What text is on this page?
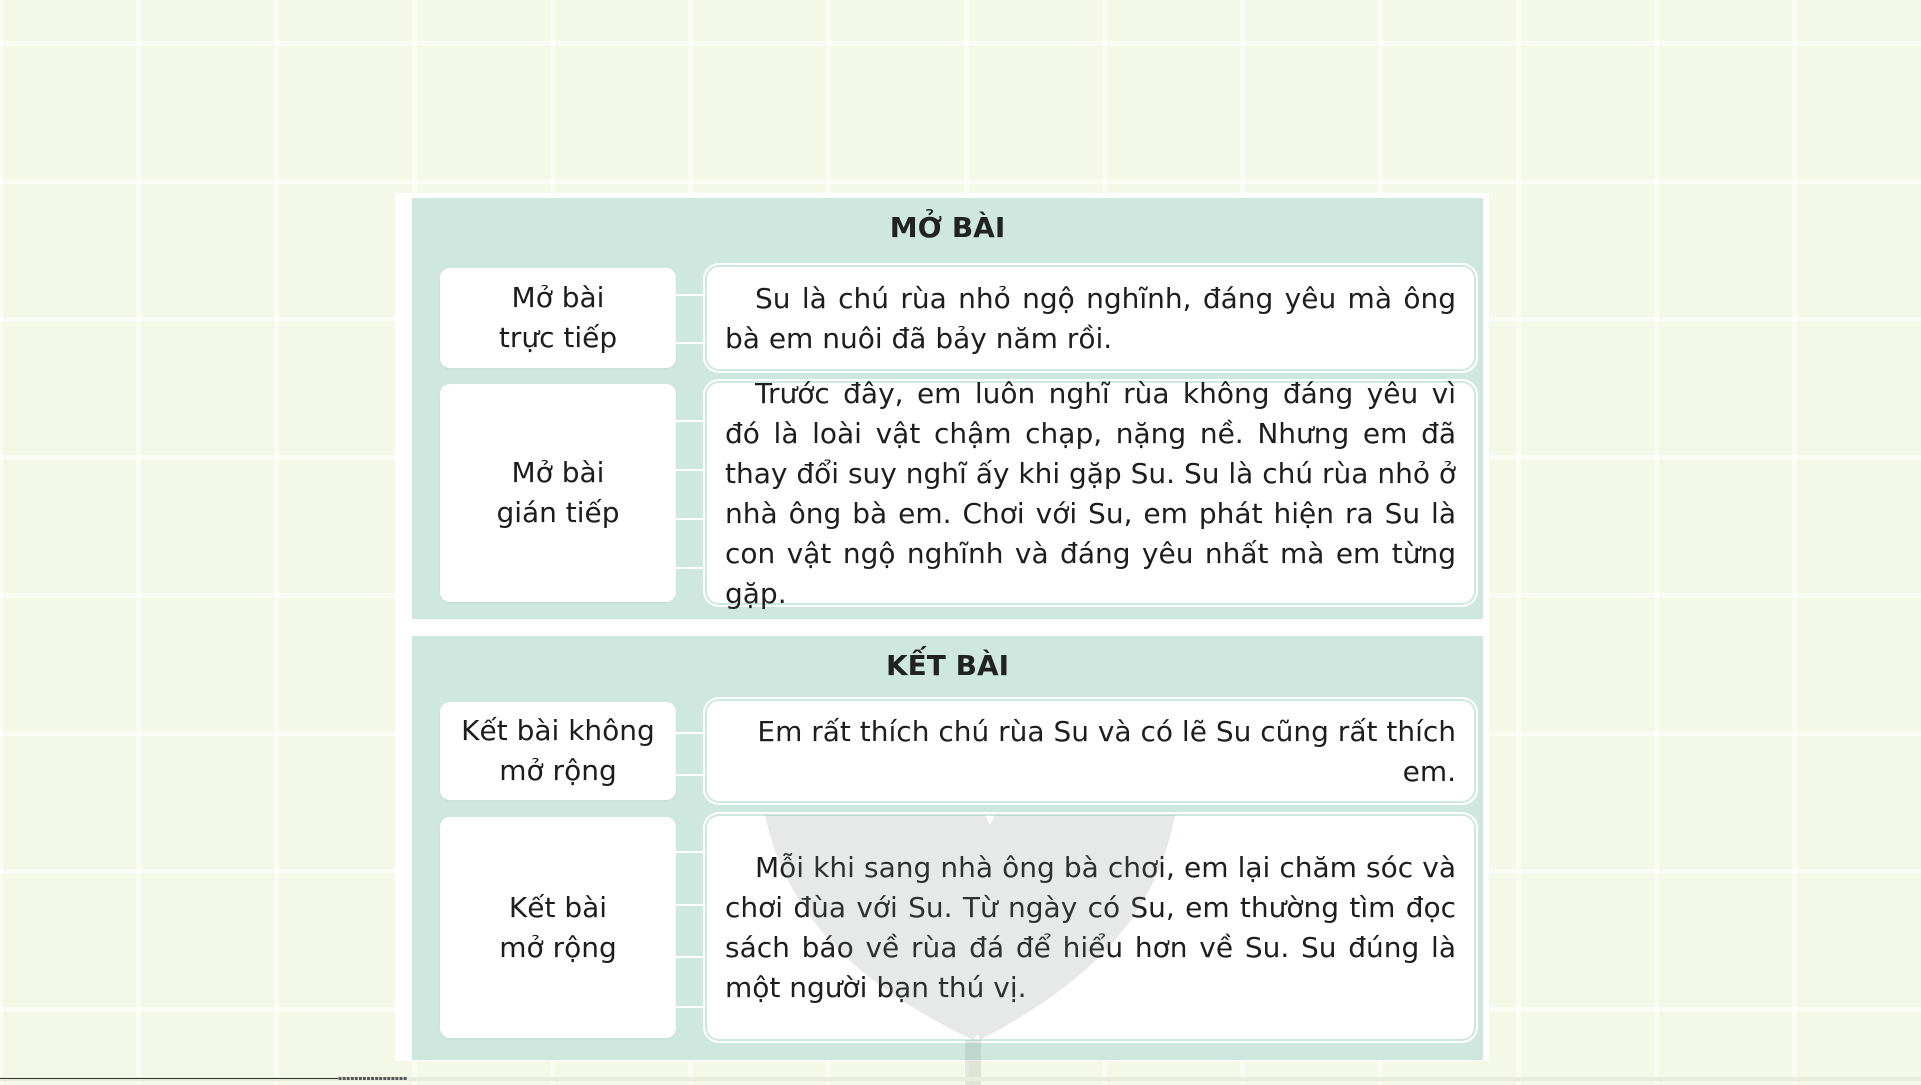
MỞ BÀI
Mở bài
trực tiếp
Su là chú rùa nhỏ ngộ nghĩnh, đáng yêu mà ông bà em nuôi đã bảy năm rồi.
Mở bài
gián tiếp
Trước đây, em luôn nghĩ rùa không đáng yêu vì đó là loài vật chậm chạp, nặng nề. Nhưng em đã thay đổi suy nghĩ ấy khi gặp Su. Su là chú rùa nhỏ ở nhà ông bà em. Chơi với Su, em phát hiện ra Su là con vật ngộ nghĩnh và đáng yêu nhất mà em từng gặp.
KẾT BÀI
Kết bài không
mở rộng
Em rất thích chú rùa Su và có lẽ Su cũng rất thích em.
Kết bài
mở rộng
Mỗi khi sang nhà ông bà chơi, em lại chăm sóc và chơi đùa với Su. Từ ngày có Su, em thường tìm đọc sách báo về rùa đá để hiểu hơn về Su. Su đúng là một người bạn thú vị.
▪▪▪▪▪▪▪▪▪▪▪▪▪▪▪▪▪
